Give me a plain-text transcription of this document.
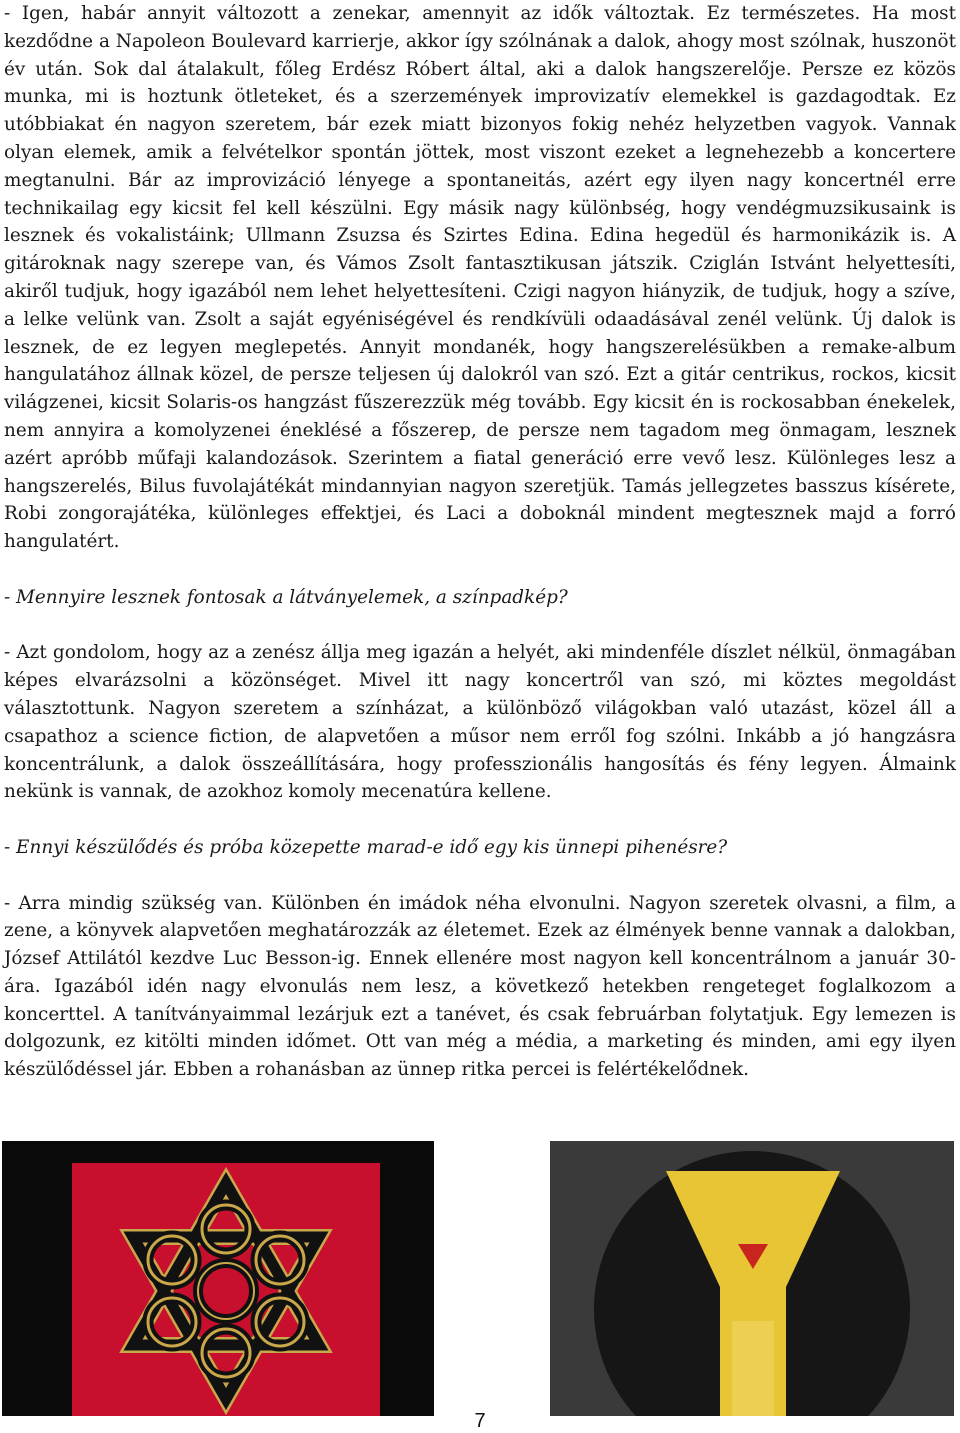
- Igen, habár annyit változott a zenekar, amennyit az idők változtak. Ez természetes. Ha most kezdődne a Napoleon Boulevard karrierje, akkor így szólnának a dalok, ahogy most szólnak, huszonöt év után. Sok dal átalakult, főleg Erdész Róbert által, aki a dalok hangszerelője. Persze ez közös munka, mi is hoztunk ötleteket, és a szerzemények improvizatív elemekkel is gazdagodtak. Ez utóbbiakat én nagyon szeretem, bár ezek miatt bizonyos fokig nehéz helyzetben vagyok. Vannak olyan elemek, amik a felvételkor spontán jöttek, most viszont ezeket a legnehezebb a koncertere megtanulni. Bár az improvizáció lényege a spontaneitás, azért egy ilyen nagy koncertnél erre technikailag egy kicsit fel kell készülni. Egy másik nagy különbség, hogy vendégmuzsikusaink is lesznek és vokalistáink; Ullmann Zsuzsa és Szirtes Edina. Edina hegedül és harmonikázik is. A gitároknak nagy szerepe van, és Vámos Zsolt fantasztikusan játszik. Cziglán Istvánt helyettesíti, akiről tudjuk, hogy igazából nem lehet helyettesíteni. Czigi nagyon hiányzik, de tudjuk, hogy a szíve, a lelke velünk van. Zsolt a saját egyéniségével és rendkívüli odaadásával zenél velünk. Új dalok is lesznek, de ez legyen meglepetés. Annyit mondanék, hogy hangszerelésükben a remake-album hangulatához állnak közel, de persze teljesen új dalokról van szó. Ezt a gitár centrikus, rockos, kicsit világzenei, kicsit Solaris-os hangzást fűszerezzük még tovább. Egy kicsit én is rockosabban énekelek, nem annyira a komolyzenei éneklésé a főszerep, de persze nem tagadom meg önmagam, lesznek azért apróbb műfaji kalandozások. Szerintem a fiatal generáció erre vevő lesz. Különleges lesz a hangszerelés, Bilus fuvolajátékát mindannyian nagyon szeretjük. Tamás jellegzetes basszus kísérete, Robi zongorajátéka, különleges effektjei, és Laci a doboknál mindent megtesznek majd a forró hangulatért.

- Mennyire lesznek fontosak a látványelemek, a színpadkép?

- Azt gondolom, hogy az a zenész állja meg igazán a helyét, aki mindenféle díszlet nélkül, önmagában képes elvarázsolni a közönséget. Mivel itt nagy koncertről van szó, mi köztes megoldást választottunk. Nagyon szeretem a színházat, a különböző világokban való utazást, közel áll a csapathoz a science fiction, de alapvetően a műsor nem erről fog szólni. Inkább a jó hangzásra koncentrálunk, a dalok összeállítására, hogy professzionális hangosítás és fény legyen. Álmaink nekünk is vannak, de azokhoz komoly mecenatúra kellene.

- Ennyi készülődés és próba közepette marad-e idő egy kis ünnepi pihenésre?

- Arra mindig szükség van. Különben én imádok néha elvonulni. Nagyon szeretek olvasni, a film, a zene, a könyvek alapvetően meghatározzák az életemet. Ezek az élmények benne vannak a dalokban, József Attilától kezdve Luc Besson-ig. Ennek ellenére most nagyon kell koncentrálnom a január 30-ára. Igazából idén nagy elvonulás nem lesz, a következő hetekben rengeteget foglalkozom a koncerttel. A tanítványaimmal lezárjuk ezt a tanévet, és csak februárban folytatjuk. Egy lemezen is dolgozunk, ez kitölti minden időmet. Ott van még a média, a marketing és minden, ami egy ilyen készülődéssel jár. Ebben a rohanásban az ünnep ritka percei is felértékelődnek.

7
